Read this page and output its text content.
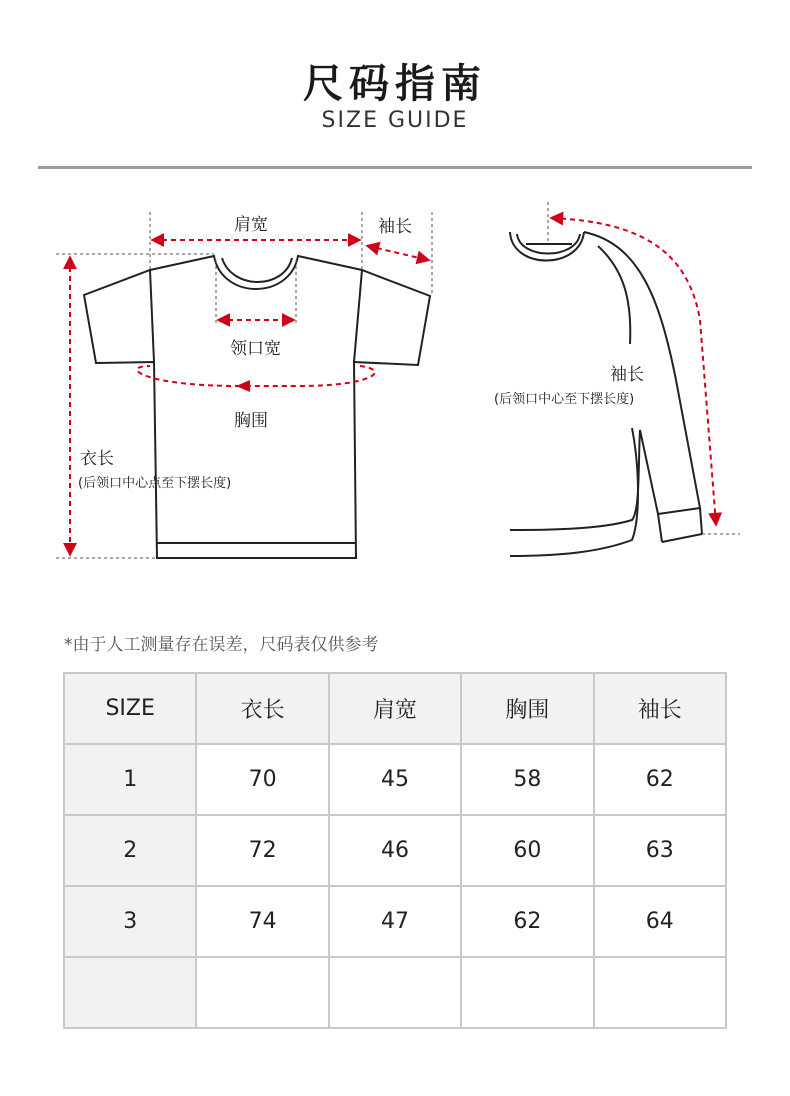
尺码指南
SIZE GUIDE
肩宽	袖长
领口宽
胸围
衣长
(后领口中心点至下摆长度)
袖长
(后领口中心至下摆长度)
*由于人工测量存在误差，尺码表仅供参考
SIZE	衣长	肩宽	胸围	袖长
1	70	45	58	62
2	72	46	60	63
3	74	47	62	64
